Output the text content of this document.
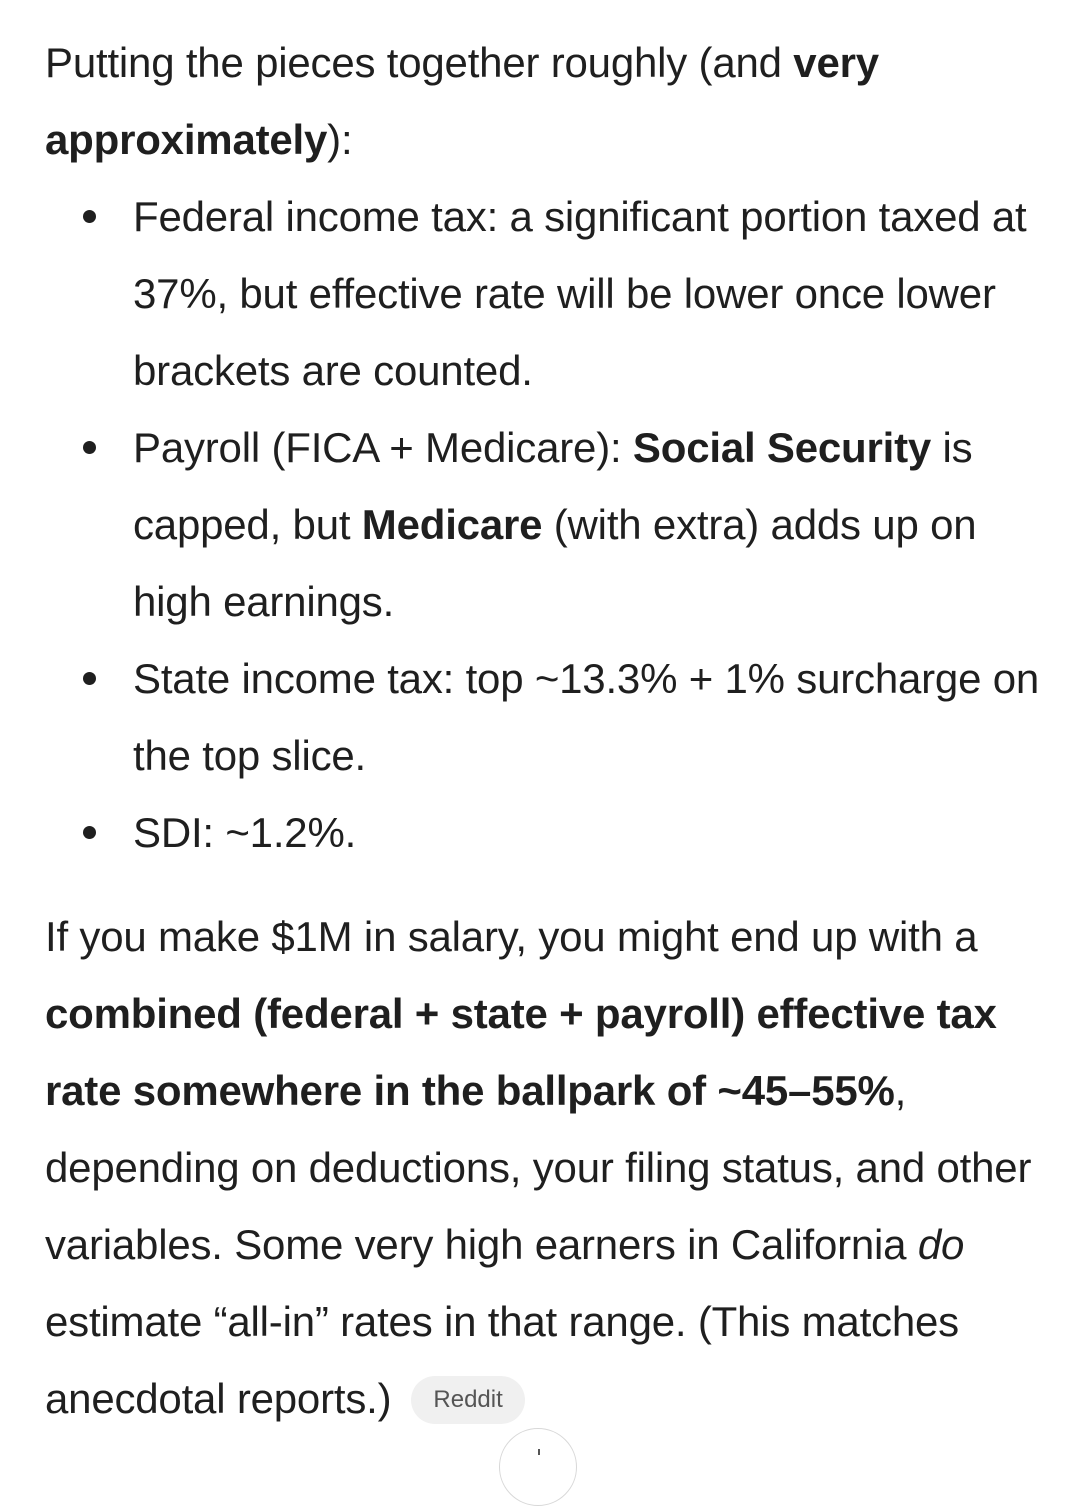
Putting the pieces together roughly (and very approximately):

Federal income tax: a significant portion taxed at 37%, but effective rate will be lower once lower brackets are counted.
Payroll (FICA + Medicare): Social Security is capped, but Medicare (with extra) adds up on high earnings.
State income tax: top ~13.3% + 1% surcharge on the top slice.
SDI: ~1.2%.

If you make $1M in salary, you might end up with a combined (federal + state + payroll) effective tax rate somewhere in the ballpark of ~45–55%, depending on deductions, your filing status, and other variables. Some very high earners in California do estimate “all-in” rates in that range. (This matches anecdotal reports.) Reddit
